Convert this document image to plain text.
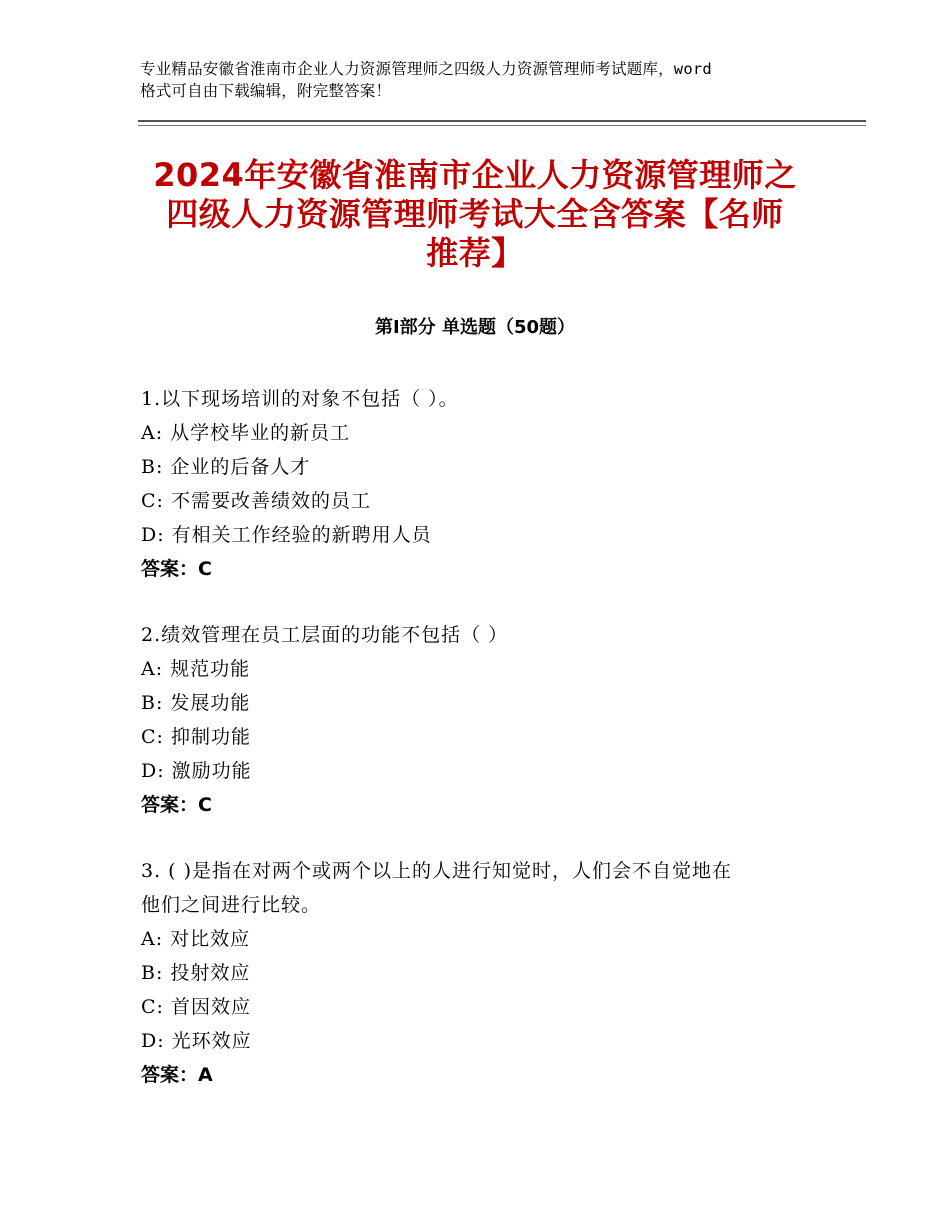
专业精品安徽省淮南市企业人力资源管理师之四级人力资源管理师考试题库，word
格式可自由下载编辑，附完整答案！
2024年安徽省淮南市企业人力资源管理师之
四级人力资源管理师考试大全含答案【名师
推荐】
第Ⅰ部分 单选题（50题）
1.以下现场培训的对象不包括（ ）。
A: 从学校毕业的新员工
B: 企业的后备人才
C: 不需要改善绩效的员工
D: 有相关工作经验的新聘用人员
答案：C
2.绩效管理在员工层面的功能不包括（ ）
A: 规范功能
B: 发展功能
C: 抑制功能
D: 激励功能
答案：C
3. ( )是指在对两个或两个以上的人进行知觉时，人们会不自觉地在
他们之间进行比较。
A: 对比效应
B: 投射效应
C: 首因效应
D: 光环效应
答案：A
